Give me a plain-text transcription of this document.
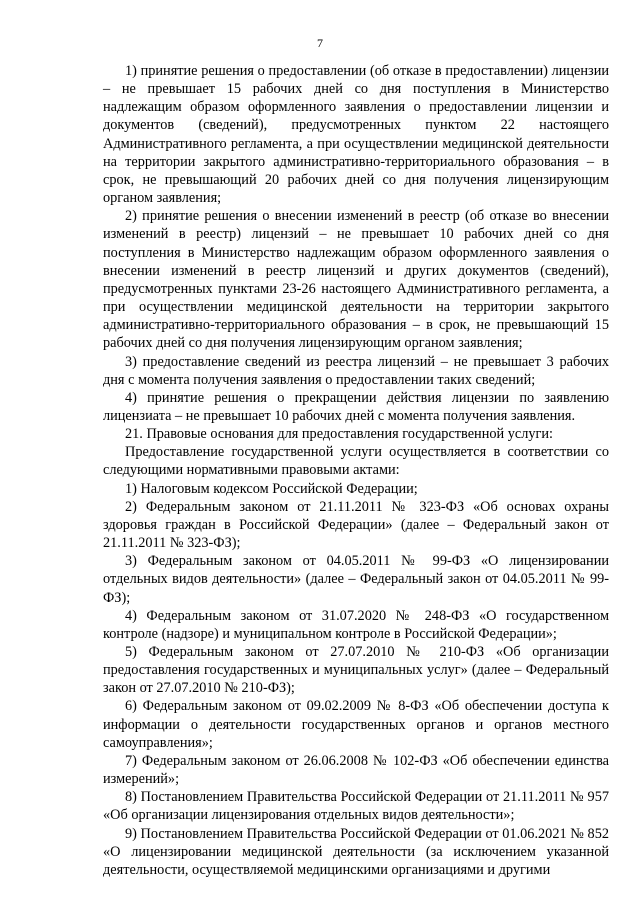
7

1) принятие решения о предоставлении (об отказе в предоставлении) лицензии – не превышает 15 рабочих дней со дня поступления в Министерство надлежащим образом оформленного заявления о предоставлении лицензии и документов (сведений), предусмотренных пунктом 22 настоящего Административного регламента, а при осуществлении медицинской деятельности на территории закрытого административно-территориального образования – в срок, не превышающий 20 рабочих дней со дня получения лицензирующим органом заявления;

2) принятие решения о внесении изменений в реестр (об отказе во внесении изменений в реестр) лицензий – не превышает 10 рабочих дней со дня поступления в Министерство надлежащим образом оформленного заявления о внесении изменений в реестр лицензий и других документов (сведений), предусмотренных пунктами 23-26 настоящего Административного регламента, а при осуществлении медицинской деятельности на территории закрытого административно-территориального образования – в срок, не превышающий 15 рабочих дней со дня получения лицензирующим органом заявления;

3) предоставление сведений из реестра лицензий – не превышает 3 рабочих дня с момента получения заявления о предоставлении таких сведений;

4) принятие решения о прекращении действия лицензии по заявлению лицензиата – не превышает 10 рабочих дней с момента получения заявления.

21. Правовые основания для предоставления государственной услуги:

Предоставление государственной услуги осуществляется в соответствии со следующими нормативными правовыми актами:

1) Налоговым кодексом Российской Федерации;

2) Федеральным законом от 21.11.2011 № 323-ФЗ «Об основах охраны здоровья граждан в Российской Федерации» (далее – Федеральный закон от 21.11.2011 № 323-ФЗ);

3) Федеральным законом от 04.05.2011 № 99-ФЗ «О лицензировании отдельных видов деятельности» (далее – Федеральный закон от 04.05.2011 № 99-ФЗ);

4) Федеральным законом от 31.07.2020 № 248-ФЗ «О государственном контроле (надзоре) и муниципальном контроле в Российской Федерации»;

5) Федеральным законом от 27.07.2010 № 210-ФЗ «Об организации предоставления государственных и муниципальных услуг» (далее – Федеральный закон от 27.07.2010 № 210-ФЗ);

6) Федеральным законом от 09.02.2009 № 8-ФЗ «Об обеспечении доступа к информации о деятельности государственных органов и органов местного самоуправления»;

7) Федеральным законом от 26.06.2008 № 102-ФЗ «Об обеспечении единства измерений»;

8) Постановлением Правительства Российской Федерации от 21.11.2011 № 957 «Об организации лицензирования отдельных видов деятельности»;

9) Постановлением Правительства Российской Федерации от 01.06.2021 № 852 «О лицензировании медицинской деятельности (за исключением указанной деятельности, осуществляемой медицинскими организациями и другими
